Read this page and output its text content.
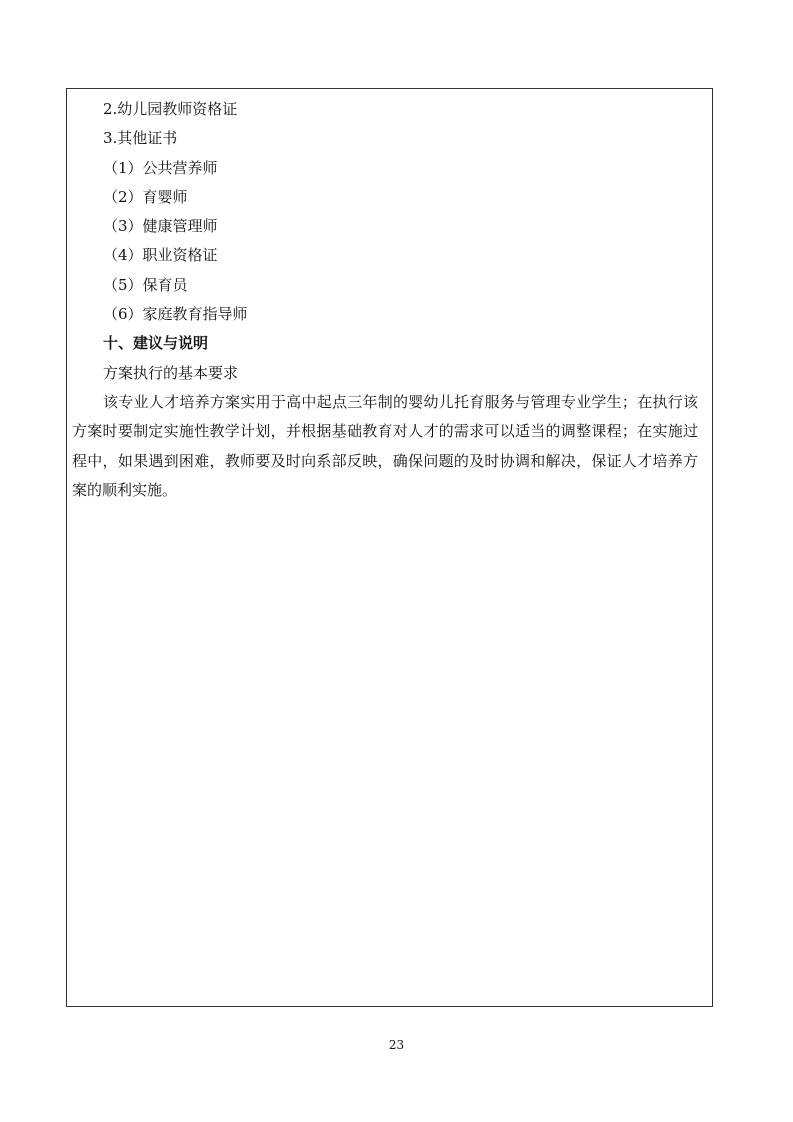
2.幼儿园教师资格证
3.其他证书
（1）公共营养师
（2）育婴师
（3）健康管理师
（4）职业资格证
（5）保育员
（6）家庭教育指导师
十、建议与说明
方案执行的基本要求
该专业人才培养方案实用于高中起点三年制的婴幼儿托育服务与管理专业学生；在执行该方案时要制定实施性教学计划，并根据基础教育对人才的需求可以适当的调整课程；在实施过程中，如果遇到困难，教师要及时向系部反映，确保问题的及时协调和解决，保证人才培养方案的顺利实施。
23
